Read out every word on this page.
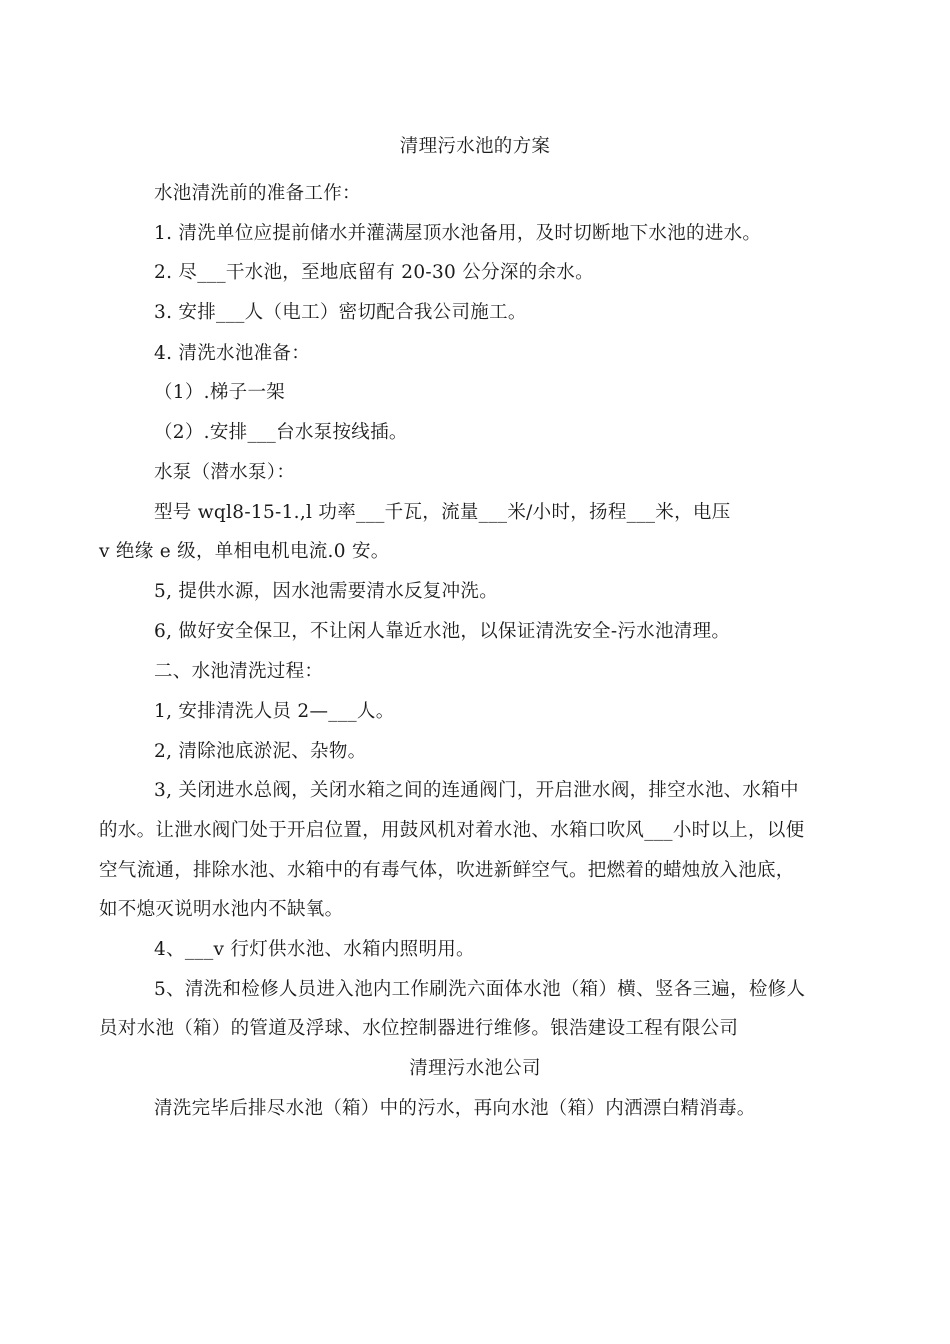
清理污水池的方案
水池清洗前的准备工作：
1. 清洗单位应提前储水并灌满屋顶水池备用，及时切断地下水池的进水。
2. 尽___干水池，至地底留有 20-30 公分深的余水。
3. 安排___人（电工）密切配合我公司施工。
4. 清洗水池准备：
（1）.梯子一架
（2）.安排___台水泵按线插。
水泵（潜水泵）：
型号 wql8-15-1.,l 功率___千瓦，流量___米/小时，扬程___米，电压
v 绝缘 e 级，单相电机电流.0 安。
5, 提供水源，因水池需要清水反复冲洗。
6, 做好安全保卫，不让闲人靠近水池，以保证清洗安全-污水池清理。
二、水池清洗过程：
1, 安排清洗人员 2—___人。
2, 清除池底淤泥、杂物。
3, 关闭进水总阀，关闭水箱之间的连通阀门，开启泄水阀，排空水池、水箱中
的水。让泄水阀门处于开启位置，用鼓风机对着水池、水箱口吹风___小时以上，以便
空气流通，排除水池、水箱中的有毒气体，吹进新鲜空气。把燃着的蜡烛放入池底，
如不熄灭说明水池内不缺氧。
4、___v 行灯供水池、水箱内照明用。
5、清洗和检修人员进入池内工作刷洗六面体水池（箱）横、竖各三遍，检修人
员对水池（箱）的管道及浮球、水位控制器进行维修。银浩建设工程有限公司
清理污水池公司
清洗完毕后排尽水池（箱）中的污水，再向水池（箱）内洒漂白精消毒。
